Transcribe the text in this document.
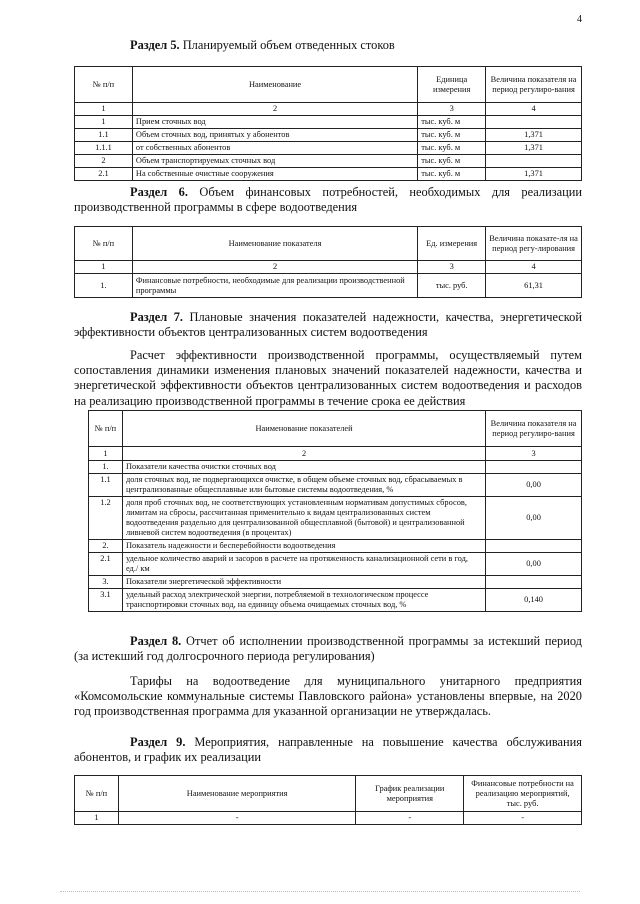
4
Раздел 5. Планируемый объем отведенных стоков
№ п/п	Наименование	Единица измерения	Величина показателя на период регулиро-вания
1	2	3	4
1	Прием сточных вод	тыс. куб. м	
1.1	Объем сточных вод, принятых у абонентов	тыс. куб. м	1,371
1.1.1	от собственных абонентов	тыс. куб. м	1,371
2	Объем транспортируемых сточных вод	тыс. куб. м	
2.1	На собственные очистные сооружения	тыс. куб. м	1,371
Раздел 6. Объем финансовых потребностей, необходимых для реализации производственной программы в сфере водоотведения
№ п/п	Наименование показателя	Ед. измерения	Величина показате-ля на период регу-лирования
1	2	3	4
1.	Финансовые потребности, необходимые для реализации производственной программы	тыс. руб.	61,31
Раздел 7. Плановые значения показателей надежности, качества, энергетической эффективности объектов централизованных систем водоотведения
Расчет эффективности производственной программы, осуществляемый путем сопоставления динамики изменения плановых значений показателей надежности, качества и энергетической эффективности объектов централизованных систем водоотведения и расходов на реализацию производственной программы в течение срока ее действия
№ п/п	Наименование показателей	Величина показателя на период регулиро-вания
1	2	3
1.	Показатели качества очистки сточных вод	
1.1	доля сточных вод, не подвергающихся очистке, в общем объеме сточных вод, сбрасываемых в централизованные общесплавные или бытовые системы водоотведения, %	0,00
1.2	доля проб сточных вод, не соответствующих установленным нормативам допустимых сбросов, лимитам на сбросы, рассчитанная применительно к видам централизованных систем водоотведения раздельно для централизованной общесплавной (бытовой) и централизованной ливневой систем водоотведения (в процентах)	0,00
2.	Показатель надежности и бесперебойности водоотведения	
2.1	удельное количество аварий и засоров в расчете на протяженность канализационной сети в год, ед./ км	0,00
3.	Показатели энергетической эффективности	
3.1	удельный расход электрической энергии, потребляемой в технологическом процессе транспортировки сточных вод, на единицу объема очищаемых сточных вод, %	0,140
Раздел 8. Отчет об исполнении производственной программы за истекший период (за истекший год долгосрочного периода регулирования)
Тарифы на водоотведение для муниципального унитарного предприятия «Комсомольские коммунальные системы Павловского района» установлены впервые, на 2020 год производственная программа для указанной организации не утверждалась.
Раздел 9. Мероприятия, направленные на повышение качества обслуживания абонентов, и график их реализации
№ п/п	Наименование мероприятия	График реализации мероприятия	Финансовые потребности на реализацию мероприятий, тыс. руб.
1	-	-	-
